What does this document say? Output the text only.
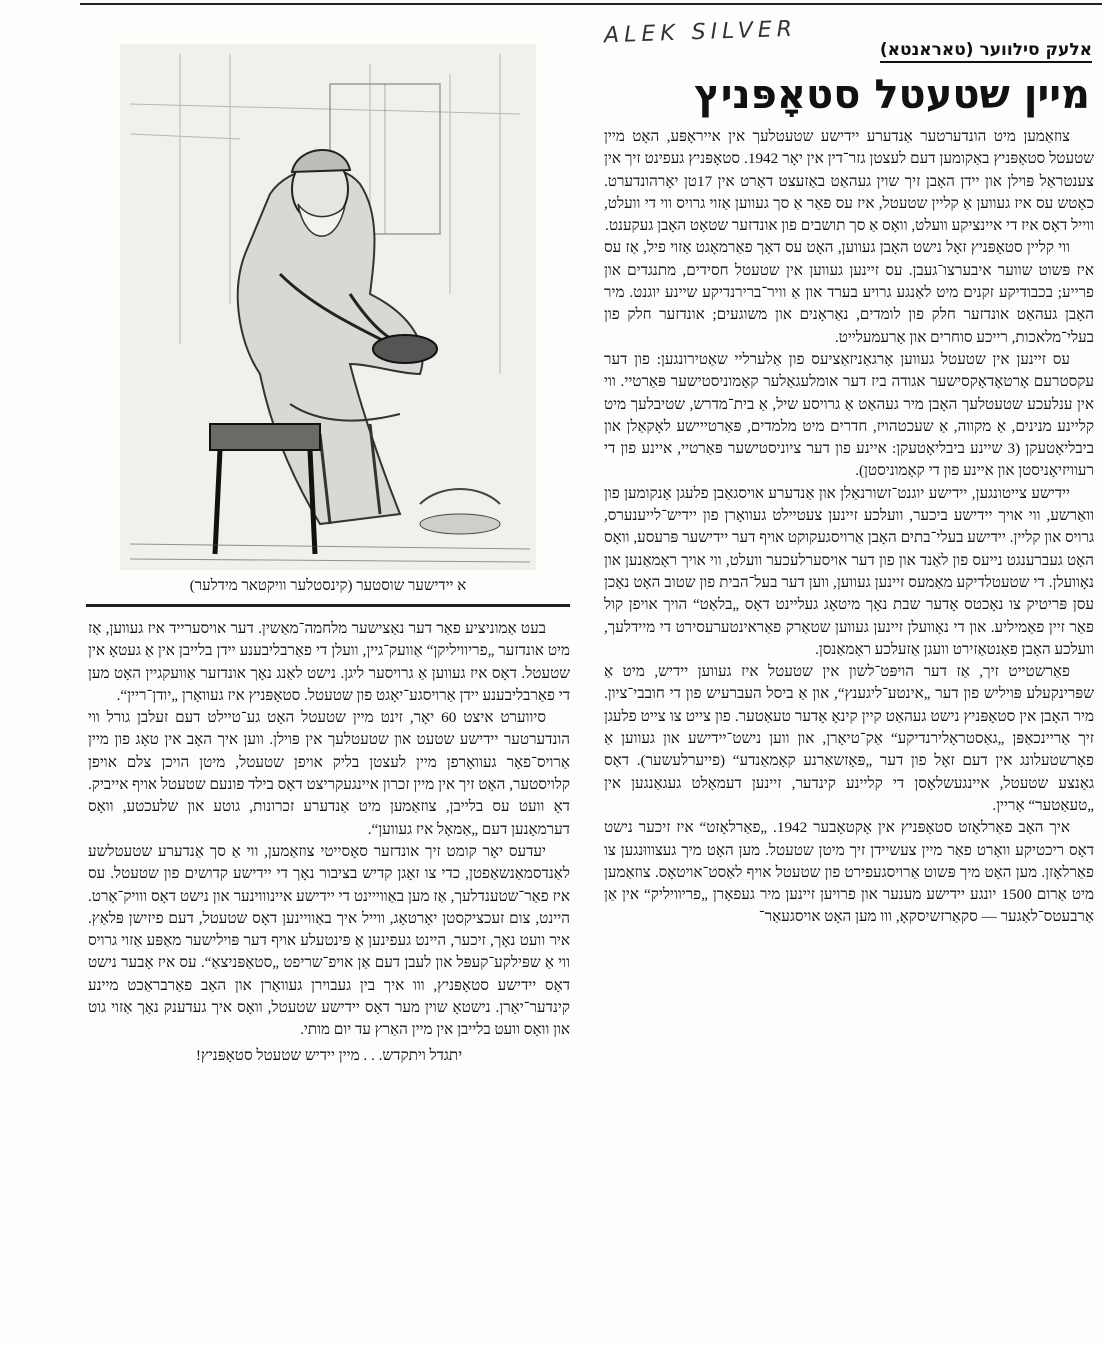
ALEK SILVER
אלעק סילווער (טאראנטא)
מיין שטעטל סטאָפּניץ
א יידישער שוסטער (קינסטלער וויקטאר מידלער)

צוזאַמען מיט הונדערטער אַנדערע יידישע שטעטלעך אין אייראָפּע, האָט מיין שטעטל סטאָפּניץ באַקומען דעם לעצטן גזר־דין אין יאָר 1942. סטאָפּניץ געפינט זיך אין צענטראַל פּוילן און יידן האָבן זיך שוין געהאַט באַזעצט דאָרט אין 17טן יאָרהונדערט. כאָטש עס איז געווען אַ קליין שטעטל, איז עס פאַר אַ סך געווען אַזוי גרויס ווי די וועלט, ווייל דאָס איז די איינציקע וועלט, וואָס אַ סך תושבים פון אונדזער שטאָט האָבן געקענט.

ווי קליין סטאָפּניץ זאָל נישט האָבן געווען, האָט עס דאָך פאַרמאָגט אַזוי פיל, אַז עס איז פּשוט שווער איבערצו־געבן. עס זיינען געווען אין שטעטל חסידים, מתנגדים און פרייע; בכבודיקע זקנים מיט לאַנגע גרויע בערד און אַ וויר־ברירנדיקע שיינע יוגנט. מיר האָבן געהאַט אונדזער חלק פון לומדים, נאַראָנים און משוגעים; אונדזער חלק פון בעלי־מלאכות, רייכע סוחרים און אָרעמעלייט.

עס זיינען אין שטעטל געווען אָרגאַניזאַציעס פון אַלערליי שאַטירונגען: פון דער עקסטרעם אָרטאָדאָקסישער אגודה ביז דער אומלעגאַלער קאָמוניסטישער פּאַרטיי. ווי אין ענלעכע שטעטלעך האָבן מיר געהאַט אַ גרויסע שיל, אַ בית־מדרש, שטיבלעך מיט קליינע מנינים, אַ מקווה, אַ שעכטהויז, חדרים מיט מלמדים, פּאַרטייישע לאָקאַלן און ביבליאָטעקן (3 שיינע ביבליאָטעקן: איינע פון דער ציוניסטישער פּאַרטיי, איינע פון די רעוויזיאָניסטן און איינע פון די קאָמוניסטן).

יידישע צייטונגען, יידישע יוגנט־זשורנאַלן און אַנדערע אויסגאַבן פלעגן אָנקומען פון וואַרשע, ווי אויך יידישע ביכער, וועלכע זיינען צעטיילט געוואָרן פון יידיש־לייענערס, גרויס און קליין. יידישע בעלי־בתים האָבן אַרויסגעקוקט אויף דער יידישער פּרעסע, וואָס האָט געברענגט נייעס פון לאַנד און פון דער אויסערלעכער וועלט, ווי אויך ראָמאַנען און נאָוועלן. די שטעטלדיקע מאַמעס זיינען געווען, ווען דער בעל־הבית פון שטוב האָט נאָכן עסן פּריטיק צו נאָכטס אָדער שבת נאָך מיטאָג געליינט דאָס „בלאַט“ הויך אויפן קול פאַר זיין פאַמיליע. און די נאָוועלן זיינען געווען שטאַרק פאַראינטערעסירט די מיידלעך, וועלכע האָבן פאַנטאַזירט וועגן אַזעלכע ראָמאַנסן.

פאַרשטייט זיך, אַז דער הויפּט־לשון אין שטעטל איז געווען יידיש, מיט אַ שפּרינקעלע פּויליש פון דער „אינטע־ליגענץ“, און אַ ביסל העברעיש פון די חובבי־ציון. מיר האָבן אין סטאָפּניץ נישט געהאַט קיין קינאָ אָדער טעאַטער. פון צייט צו צייט פלעגן זיך אַריינכאַפּן „גאַסטראָלירנדיקע“ אַק־טיאָרן, און ווען נישט־יידישע און געווען אַ פאָרשטעלונג אין דעם זאָל פון דער „פּאָזשאַרנע קאָמאַנדע“ (פייערלעשער). דאָס גאַנצע שטעטל, איינגעשלאָסן די קליינע קינדער, זיינען דעמאָלט געגאַנגען אין „טעאַטער“ אַריין.

איך האָב פאַרלאָזט סטאָפּניץ אין אָקטאָבער 1942. „פאַרלאָזט“ איז זיכער נישט דאָס ריכטיקע וואָרט פאַר מיין צעשיידן זיך מיטן שטעטל. מען האָט מיך געצוווּנגען צו פאַרלאָזן. מען האָט מיך פּשוט אַרויסגעפירט פון שטעטל אויף לאַסט־אויטאָס. צוזאַמען מיט אַרום 1500 יונגע יידישע מענער און פרויען זיינען מיר געפאָרן „פריוויליק“ אין אַן אַרבעטס־לאַגער — סקאַרזשיסקאָ, ווו מען האָט אויסגעאַר־

בעט אַמוניציע פאַר דער נאַצישער מלחמה־מאַשין. דער אויסערייד איז געווען, אַז מיט אונדזער „פריוויליקן“ אַוועק־גיין, וועלן די פאַרבליבענע יידן בלייבן אין אַ געטאָ אין שטעטל. דאָס איז געווען אַ גרויסער ליגן. נישט לאַנג נאָך אונדזער אַוועקגיין האָט מען די פאַרבליבענע יידן אַרויסגע־יאָגט פון שטעטל. סטאָפּניץ איז געוואָרן „יודן־ריין“.

סיווערט איצט 60 יאָר, זינט מיין שטעטל האָט גע־טיילט דעם זעלבן גורל ווי הונדערטער יידישע שטעט און שטעטלעך אין פּוילן. ווען איך האָב אין טאָג פון מיין אַרויס־פאָר געוואָרפן מיין לעצטן בליק אויפן שטעטל, מיטן הויכן צלם אויפן קלויסטער, האָט זיך אין מיין זכרון איינגעקריצט דאָס בילד פונעם שטעטל אויף אייביק. דאָ וועט עס בלייבן, צוזאַמען מיט אַנדערע זכרונות, גוטע און שלעכטע, וואָס דערמאָנען דעם „אַמאָל איז געווען“.

יעדעס יאָר קומט זיך אונדזער סאָסייטי צוזאַמען, ווי אַ סך אַנדערע שטעטלשע לאַנדסמאַנשאַפטן, כדי צו זאָגן קדיש בציבור נאָך די יידישע קדושים פון שטעטל. עס איז פאַר־שטענדלעך, אַז מען באַווייינט די יידישע איינוווינער און נישט דאָס ווויק־אָרט. היינט, צום זעכציקסטן יאָרטאָג, ווייל איך באַוויינען דאָס שטעטל, דעם פיזישן פּלאַץ. איר וועט נאָך, זיכער, היינט געפינען אַ פּינטעלע אויף דער פּוילישער מאַפּע אַזוי גרויס ווי אַ שפּילקע־קעפּל און לעבן דעם אַן אויפ־שריפט „סטאַפּניצאַ“. עס איז אָבער נישט דאָס יידישע סטאָפּניץ, ווו איך בין געבוירן געוואָרן און האָב פאַרבראַכט מיינע קינדער־יאָרן. נישטאָ שוין מער דאָס יידישע שטעטל, וואָס איך געדענק נאָך אַזוי גוט און וואָס וועט בלייבן אין מיין האַרץ עד יום מותי.

יתגדל ויתקדש. . . מיין יידיש שטעטל סטאָפּניץ!
